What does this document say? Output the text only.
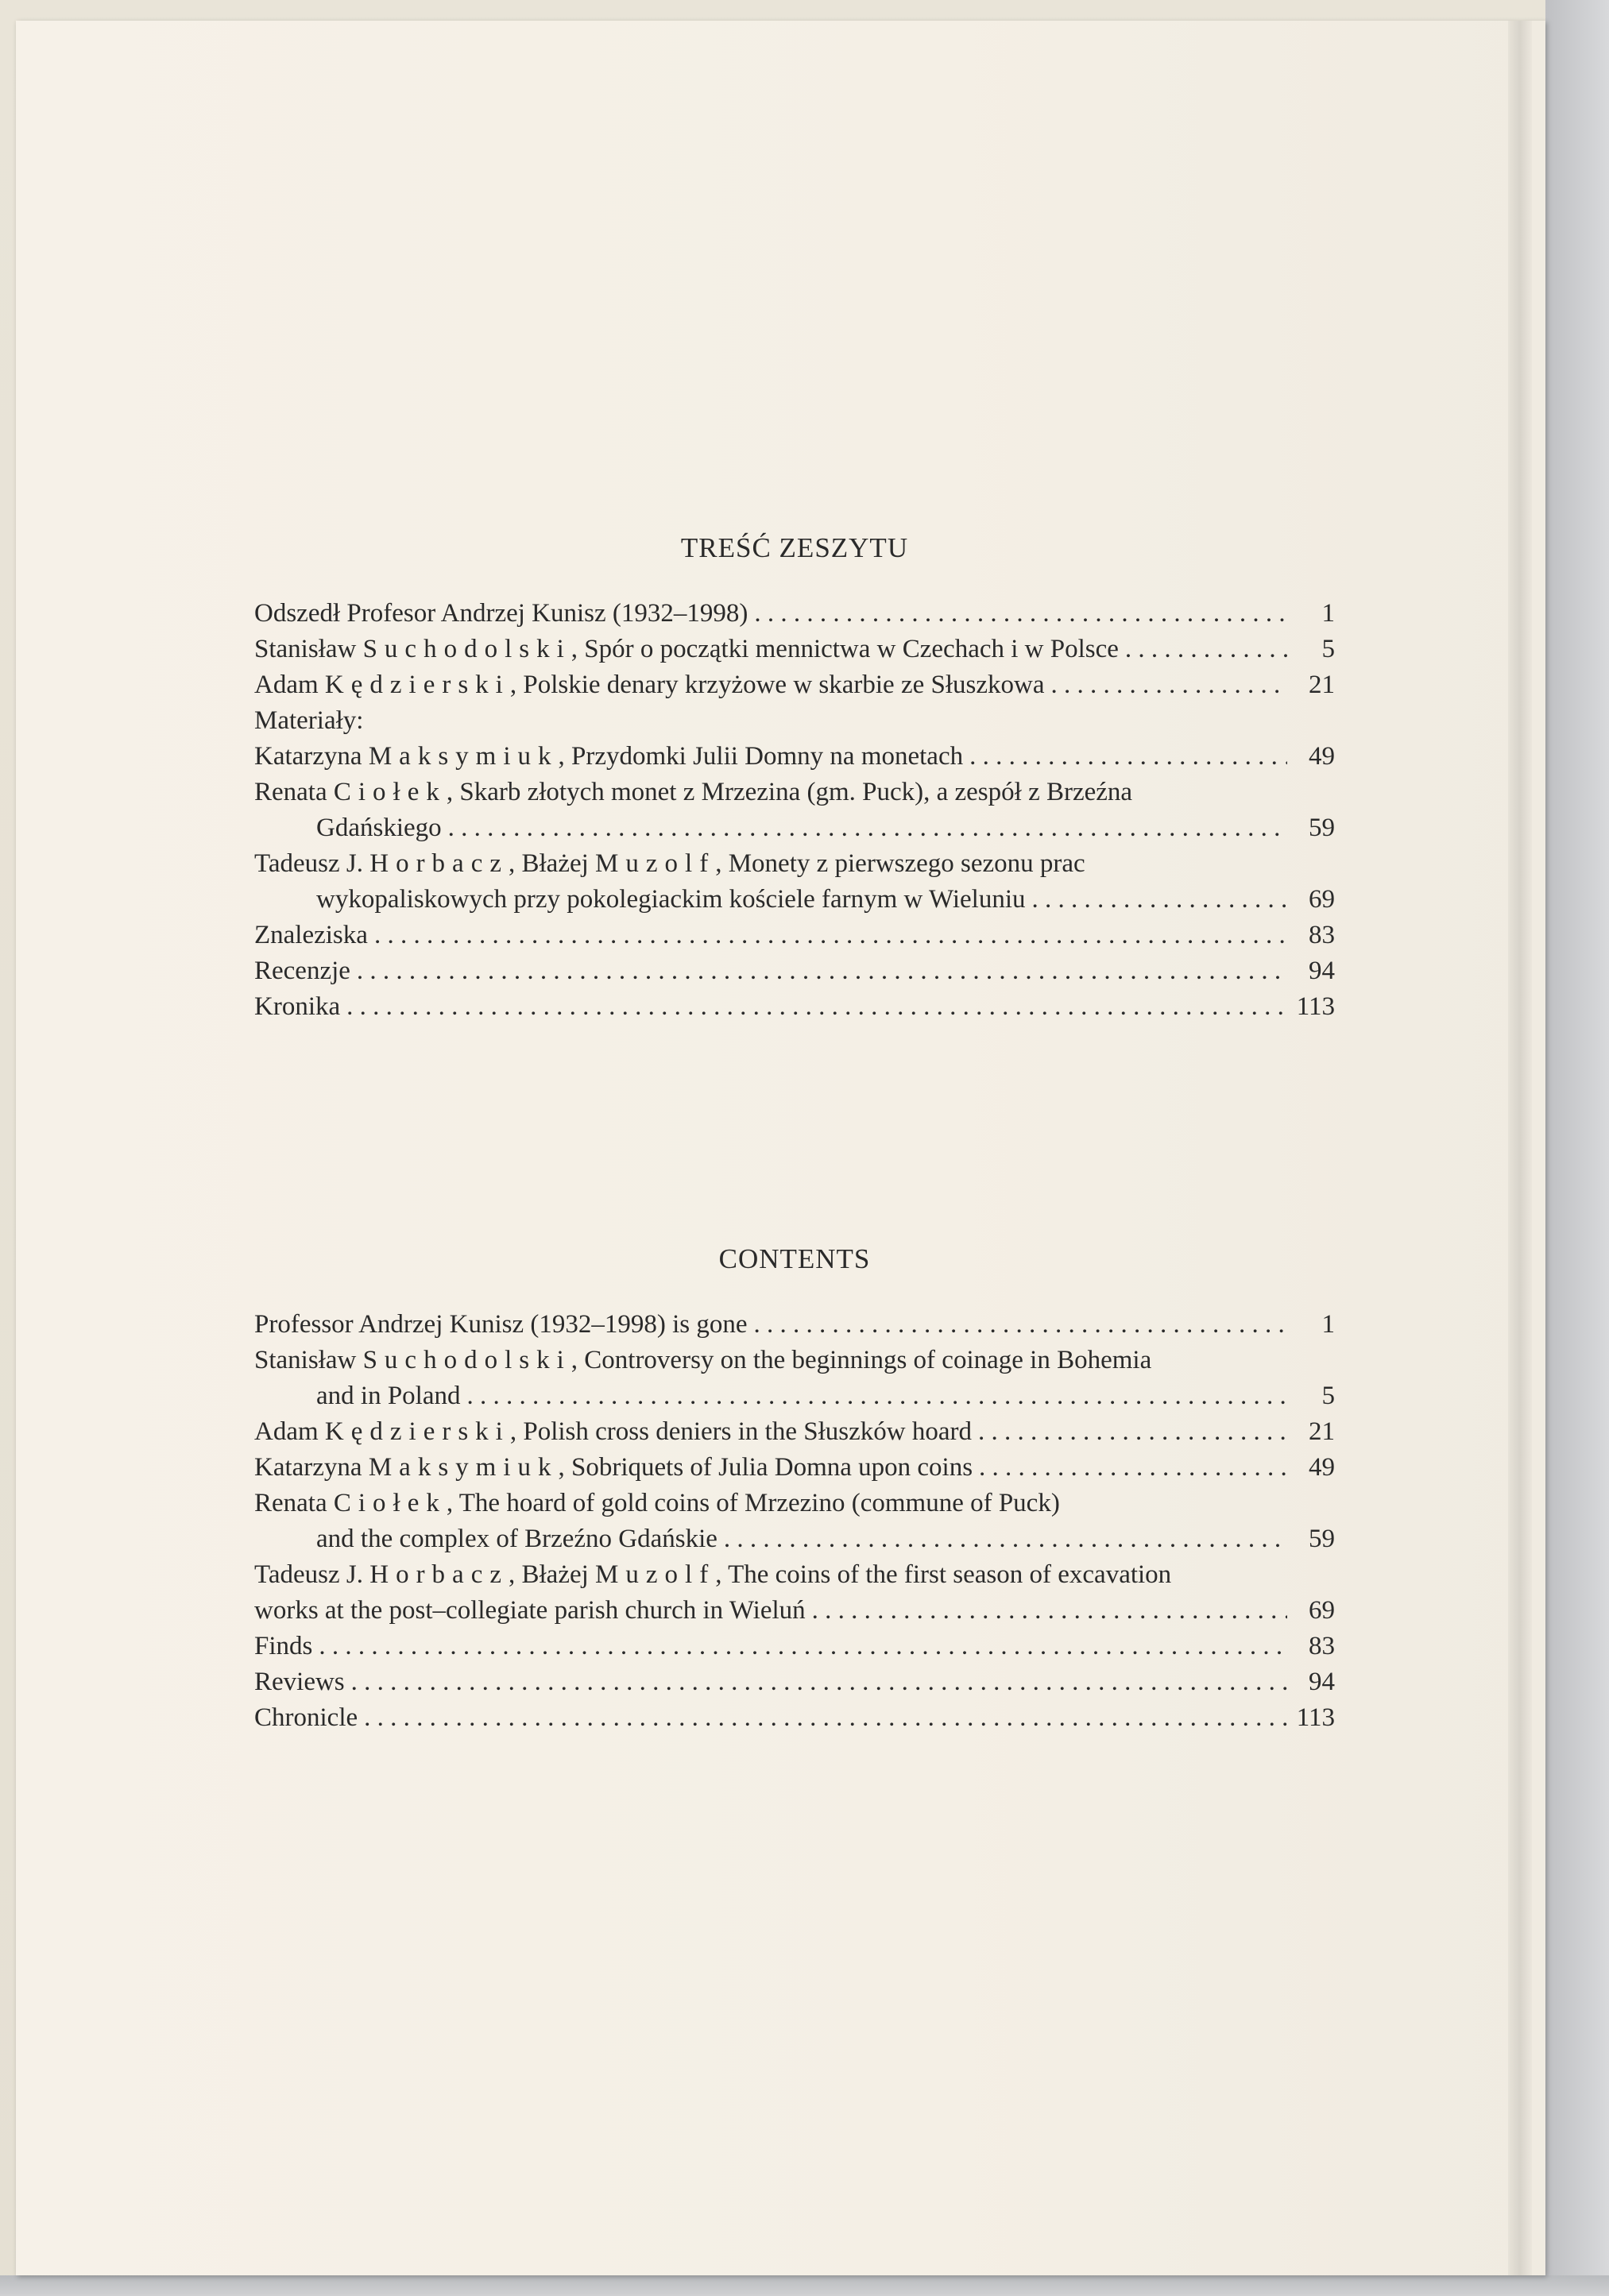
TREŚĆ ZESZYTU
Odszedł Profesor Andrzej Kunisz (1932–1998) . . .	1
Stanisław Suchodolski, Spór o początki mennictwa w Czechach i w Polsce . . .	5
Adam Kędzierski, Polskie denary krzyżowe w skarbie ze Słuszkowa . . .	21
Materiały:
Katarzyna Maksymiuk, Przydomki Julii Domny na monetach . . .	49
Renata Ciołek, Skarb złotych monet z Mrzezina (gm. Puck), a zespół z Brzeźna
Gdańskiego . . .	59
Tadeusz J. Horbacz, Błażej Muzolf, Monety z pierwszego sezonu prac
wykopaliskowych przy pokolegiackim kościele farnym w Wieluniu . . .	69
Znaleziska . . .	83
Recenzje . . .	94
Kronika . . .	113
CONTENTS
Professor Andrzej Kunisz (1932–1998) is gone . . .	1
Stanisław Suchodolski, Controversy on the beginnings of coinage in Bohemia
and in Poland . . .	5
Adam Kędzierski, Polish cross deniers in the Słuszków hoard . . .	21
Katarzyna Maksymiuk, Sobriquets of Julia Domna upon coins . . .	49
Renata Ciołek, The hoard of gold coins of Mrzezino (commune of Puck)
and the complex of Brzeźno Gdańskie . . .	59
Tadeusz J. Horbacz, Błażej Muzolf, The coins of the first season of excavation
works at the post–collegiate parish church in Wieluń . . .	69
Finds . . .	83
Reviews . . .	94
Chronicle . . .	113
